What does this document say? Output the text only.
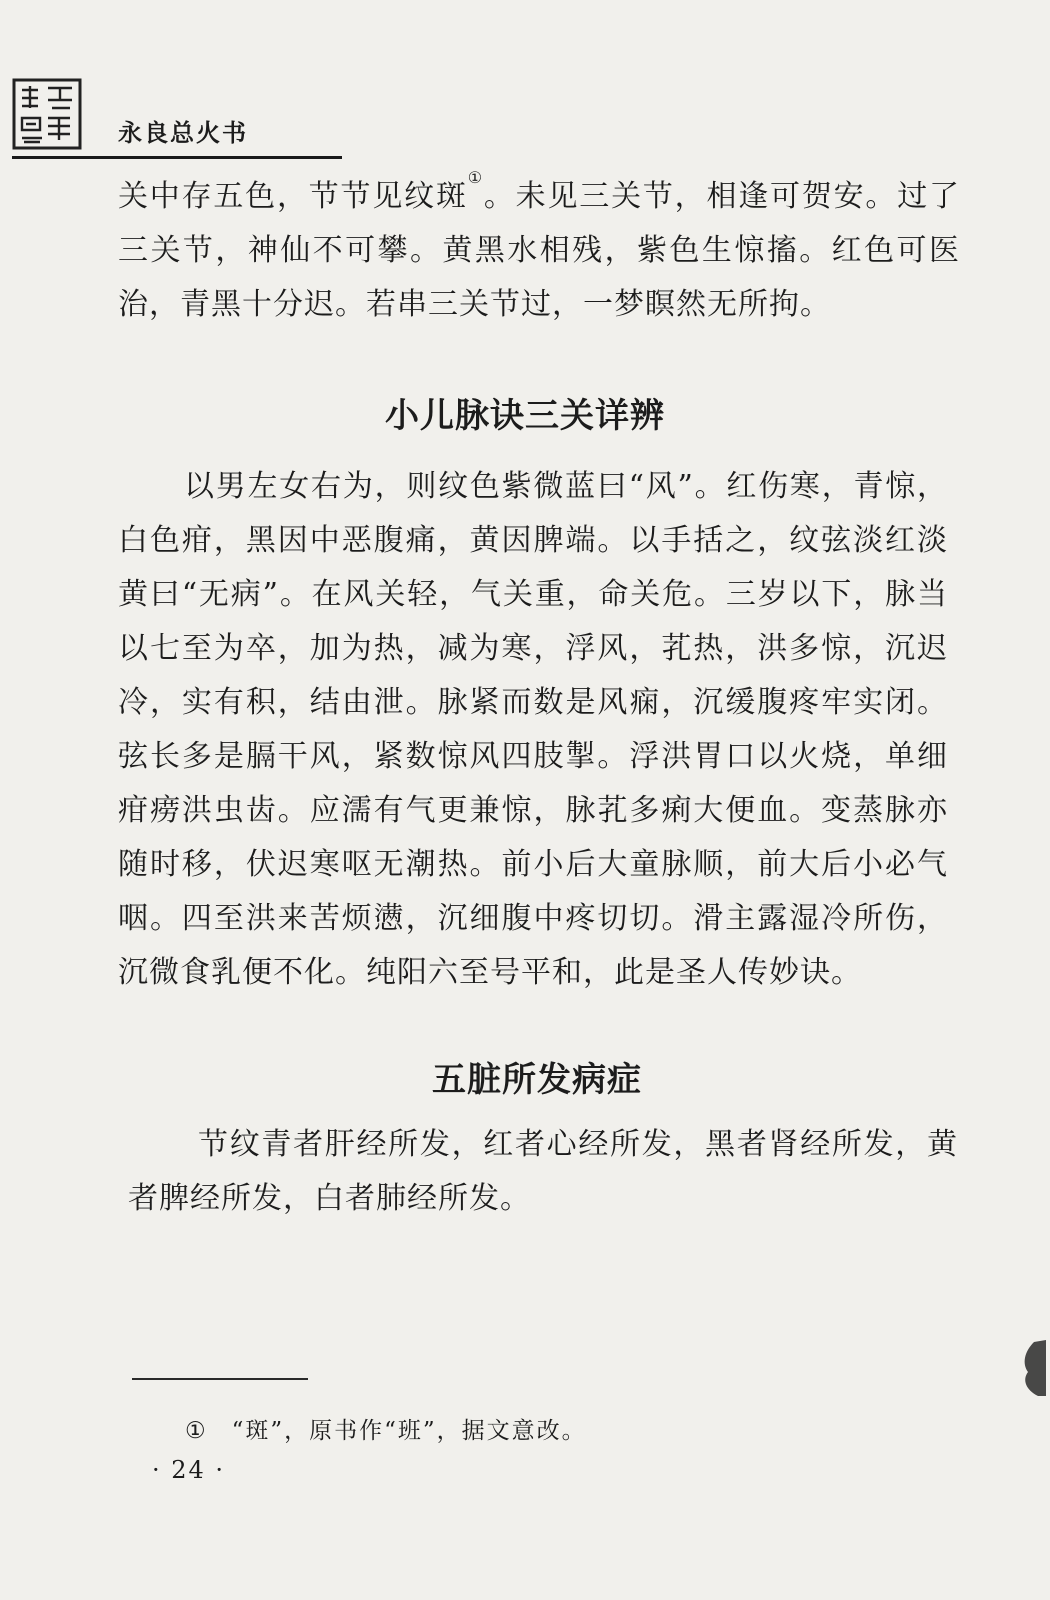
永良总火书

关中存五色，节节见纹斑①。未见三关节，相逢可贺安。过了三关节，神仙不可攀。黄黑水相残，紫色生惊搐。红色可医治，青黑十分迟。若串三关节过，一梦瞑然无所拘。

小儿脉诀三关详辨

以男左女右为，则纹色紫微蓝曰“风”。红伤寒，青惊，白色疳，黑因中恶腹痛，黄因脾端。以手括之，纹弦淡红淡黄曰“无病”。在风关轻，气关重，命关危。三岁以下，脉当以七至为卒，加为热，减为寒，浮风，芤热，洪多惊，沉迟冷，实有积，结由泄。脉紧而数是风痫，沉缓腹疼牢实闭。弦长多是膈干风，紧数惊风四肢掣。浮洪胃口以火烧，单细疳痨洪虫齿。应濡有气更兼惊，脉芤多痢大便血。变蒸脉亦随时移，伏迟寒呕无潮热。前小后大童脉顺，前大后小必气咽。四至洪来苦烦懑，沉细腹中疼切切。滑主露湿冷所伤，沉微食乳便不化。纯阳六至号平和，此是圣人传妙诀。

五脏所发病症

节纹青者肝经所发，红者心经所发，黑者肾经所发，黄者脾经所发，白者肺经所发。

① “斑”，原书作“班”，据文意改。
· 24 ·
